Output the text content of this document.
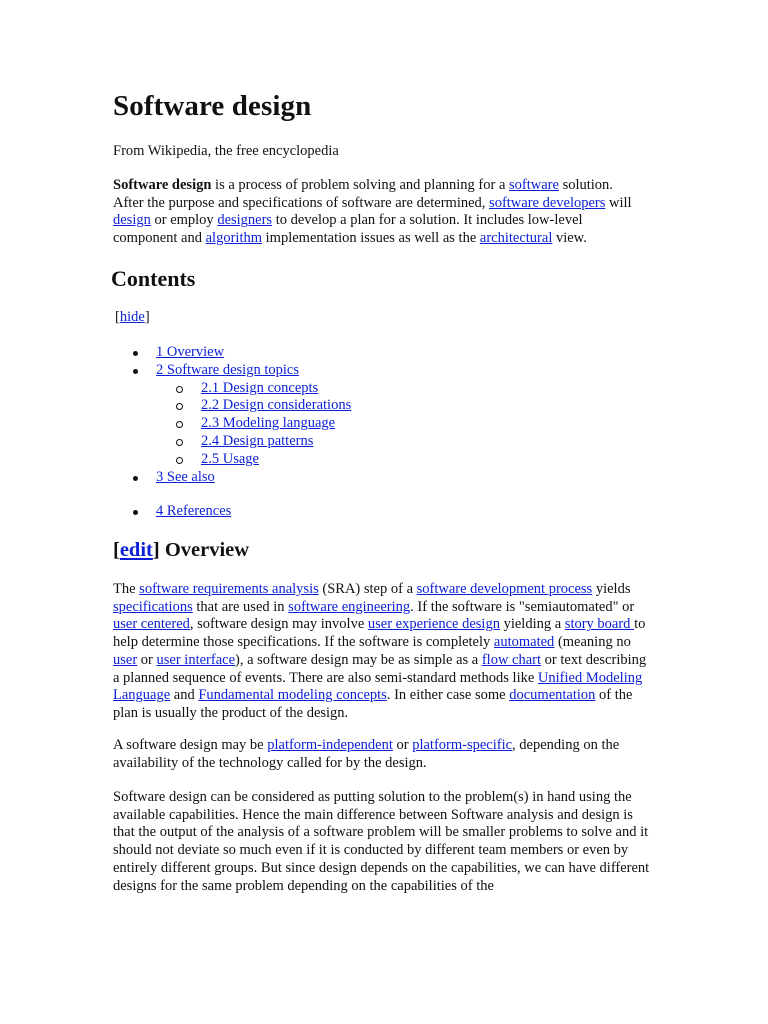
Software design

From Wikipedia, the free encyclopedia

Software design is a process of problem solving and planning for a software solution. After the purpose and specifications of software are determined, software developers will design or employ designers to develop a plan for a solution. It includes low-level component and algorithm implementation issues as well as the architectural view.

Contents

[hide]

1 Overview
2 Software design topics
2.1 Design concepts
2.2 Design considerations
2.3 Modeling language
2.4 Design patterns
2.5 Usage
3 See also
4 References
[edit] Overview

The software requirements analysis (SRA) step of a software development process yields specifications that are used in software engineering. If the software is "semiautomated" or user centered, software design may involve user experience design yielding a story board to help determine those specifications. If the software is completely automated (meaning no user or user interface), a software design may be as simple as a flow chart or text describing a planned sequence of events. There are also semi-standard methods like Unified Modeling Language and Fundamental modeling concepts. In either case some documentation of the plan is usually the product of the design.

A software design may be platform-independent or platform-specific, depending on the availability of the technology called for by the design.

Software design can be considered as putting solution to the problem(s) in hand using the available capabilities. Hence the main difference between Software analysis and design is that the output of the analysis of a software problem will be smaller problems to solve and it should not deviate so much even if it is conducted by different team members or even by entirely different groups. But since design depends on the capabilities, we can have different designs for the same problem depending on the capabilities of the
